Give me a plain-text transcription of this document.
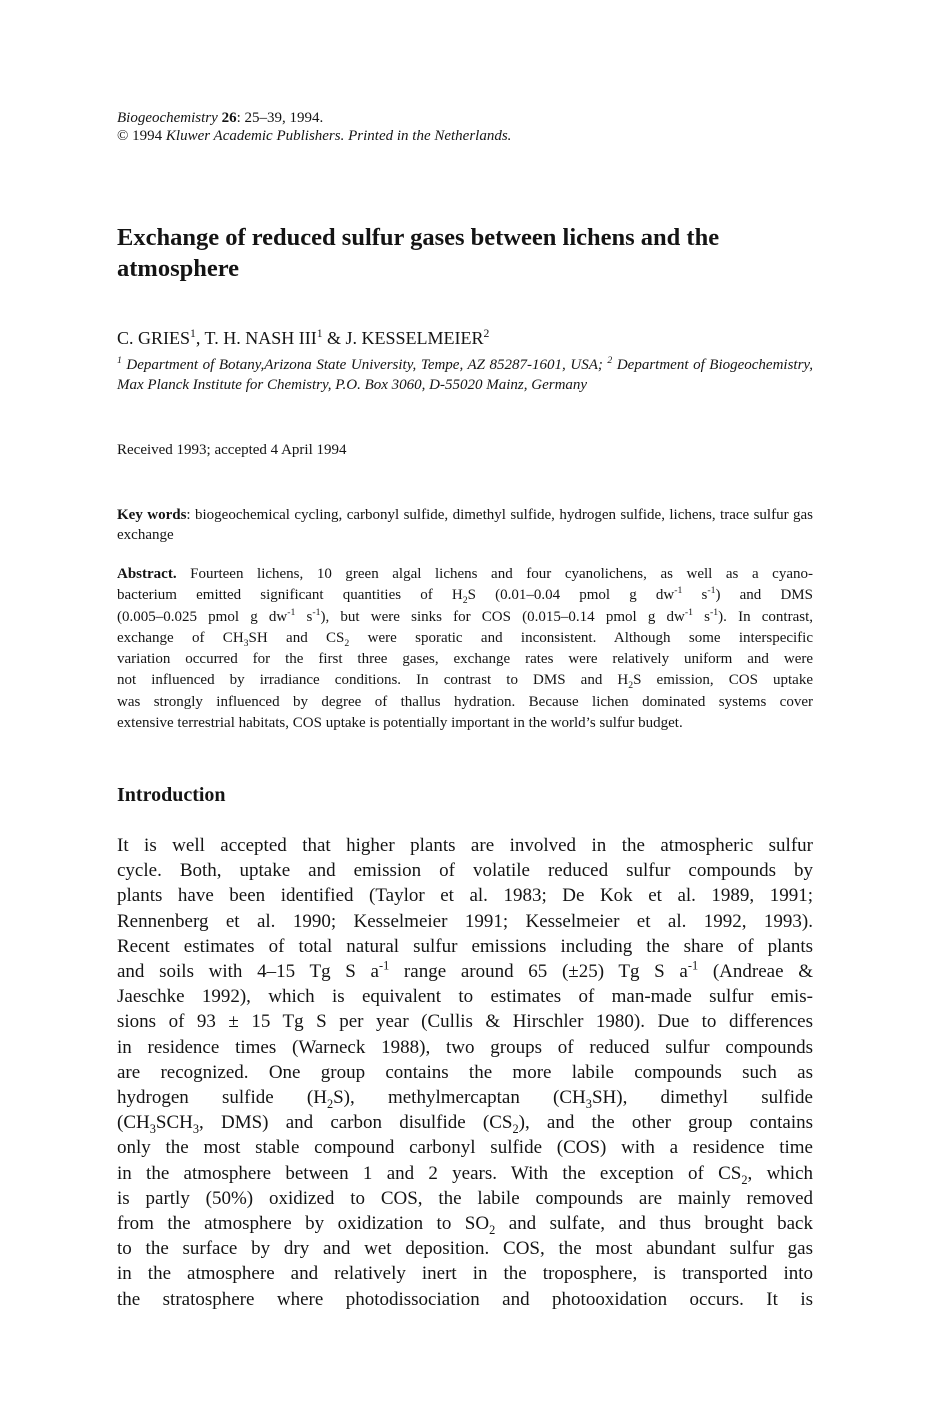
Biogeochemistry 26: 25–39, 1994.
© 1994 Kluwer Academic Publishers. Printed in the Netherlands.
Exchange of reduced sulfur gases between lichens and the atmosphere
C. GRIES$^1$, T. H. NASH III$^1$ & J. KESSELMEIER$^2$
$^1$ Department of Botany,Arizona State University, Tempe, AZ 85287-1601, USA; $^2$ Department of Biogeochemistry, Max Planck Institute for Chemistry, P.O. Box 3060, D-55020 Mainz, Germany
Received 1993; accepted 4 April 1994
Key words: biogeochemical cycling, carbonyl sulfide, dimethyl sulfide, hydrogen sulfide, lichens, trace sulfur gas exchange
Abstract. Fourteen lichens, 10 green algal lichens and four cyanolichens, as well as a cyano-
bacterium emitted significant quantities of $H_2S$ (0.01–0.04 pmol g $dw^{-1}$ $s^{-1}$) and DMS
(0.005–0.025 pmol g $dw^{-1}$ $s^{-1}$), but were sinks for COS (0.015–0.14 pmol g $dw^{-1}$ $s^{-1}$). In contrast,
exchange of $CH_3SH$ and $CS_2$ were sporatic and inconsistent. Although some interspecific
variation occurred for the first three gases, exchange rates were relatively uniform and were
not influenced by irradiance conditions. In contrast to DMS and $H_2S$ emission, COS uptake
was strongly influenced by degree of thallus hydration. Because lichen dominated systems cover
extensive terrestrial habitats, COS uptake is potentially important in the world’s sulfur budget.
Introduction
It is well accepted that higher plants are involved in the atmospheric sulfur
cycle. Both, uptake and emission of volatile reduced sulfur compounds by
plants have been identified (Taylor et al. 1983; De Kok et al. 1989, 1991;
Rennenberg et al. 1990; Kesselmeier 1991; Kesselmeier et al. 1992, 1993).
Recent estimates of total natural sulfur emissions including the share of plants
and soils with 4–15 Tg S $a^{-1}$ range around 65 (±25) Tg S $a^{-1}$ (Andreae &
Jaeschke 1992), which is equivalent to estimates of man-made sulfur emis-
sions of 93 ± 15 Tg S per year (Cullis & Hirschler 1980). Due to differences
in residence times (Warneck 1988), two groups of reduced sulfur compounds
are recognized. One group contains the more labile compounds such as
hydrogen sulfide $(H_2S)$, methylmercaptan $(CH_3SH)$, dimethyl sulfide
($CH_3SCH_3$, DMS) and carbon disulfide $(CS_2)$, and the other group contains
only the most stable compound carbonyl sulfide (COS) with a residence time
in the atmosphere between 1 and 2 years. With the exception of $CS_2$, which
is partly (50%) oxidized to COS, the labile compounds are mainly removed
from the atmosphere by oxidization to $SO_2$ and sulfate, and thus brought back
to the surface by dry and wet deposition. COS, the most abundant sulfur gas
in the atmosphere and relatively inert in the troposphere, is transported into
the stratosphere where photodissociation and photooxidation occurs. It is
